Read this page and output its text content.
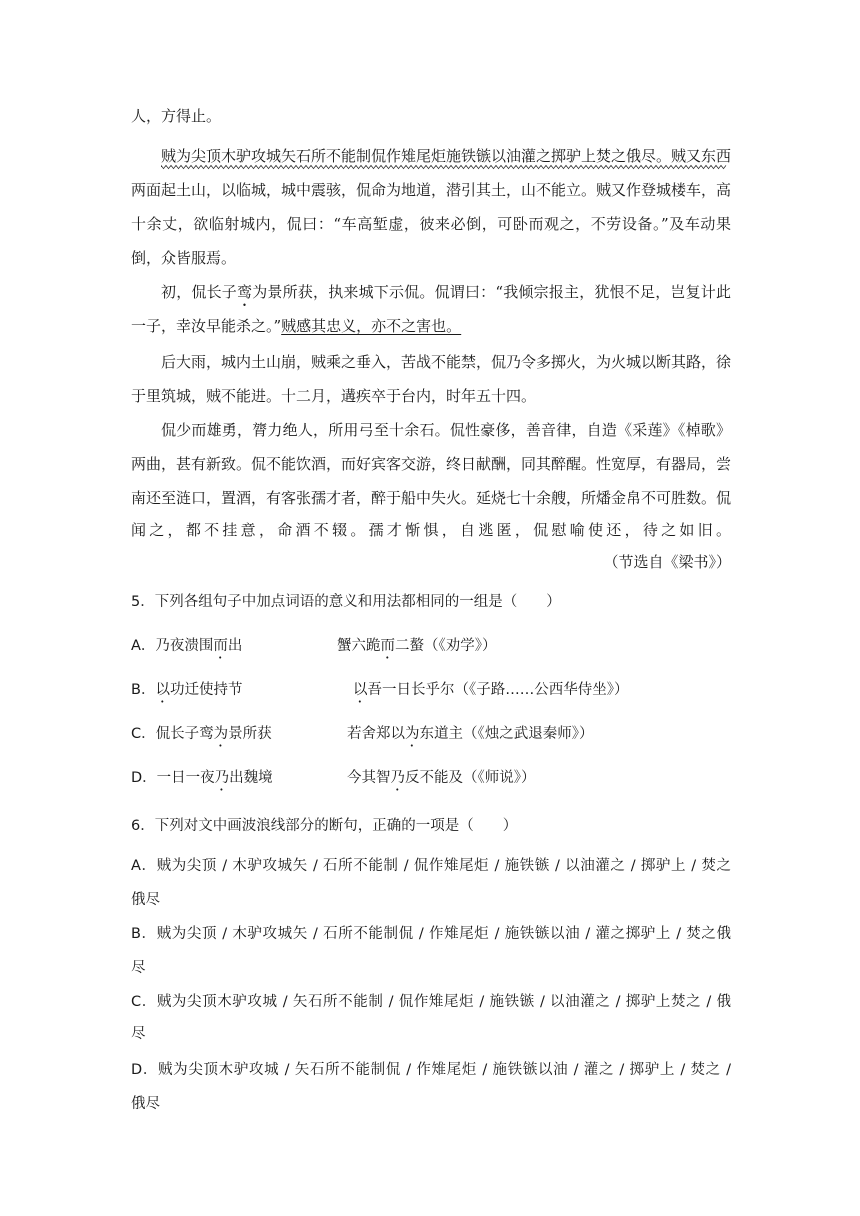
人，方得止。
贼为尖顶木驴攻城矢石所不能制侃作雉尾炬施铁镞以油灌之掷驴上焚之俄尽。贼又东西
两面起土山，以临城，城中震骇，侃命为地道，潜引其土，山不能立。贼又作登城楼车，高
十余丈，欲临射城内，侃曰：“车高堑虚，彼来必倒，可卧而观之，不劳设备。”及车动果
倒，众皆服焉。
初，侃长子鸾为景所获，执来城下示侃。侃谓曰：“我倾宗报主，犹恨不足，岂复计此
一子，幸汝早能杀之。”贼感其忠义，亦不之害也。
后大雨，城内土山崩，贼乘之垂入，苦战不能禁，侃乃令多掷火，为火城以断其路，徐
于里筑城，贼不能进。十二月，遘疾卒于台内，时年五十四。
侃少而雄勇，膂力绝人，所用弓至十余石。侃性豪侈，善音律，自造《采莲》《棹歌》
两曲，甚有新致。侃不能饮酒，而好宾客交游，终日献酬，同其醉醒。性宽厚，有器局，尝
南还至涟口，置酒，有客张孺才者，醉于船中失火。延烧七十余艘，所燔金帛不可胜数。侃
闻之，都不挂意，命酒不辍。孺才惭惧，自逃匿，侃慰喻使还，待之如旧。
（节选自《梁书》）
5．下列各组句子中加点词语的意义和用法都相同的一组是（　　）
A．乃夜溃围而出	蟹六跪而二螯（《劝学》）
B．以功迁使持节	以吾一日长乎尔（《子路……公西华侍坐》）
C．侃长子鸾为景所获	若舍郑以为东道主（《烛之武退秦师》）
D．一日一夜乃出魏境	今其智乃反不能及（《师说》）
6．下列对文中画波浪线部分的断句，正确的一项是（　　）
A．贼为尖顶 / 木驴攻城矢 / 石所不能制 / 侃作雉尾炬 / 施铁镞 / 以油灌之 / 掷驴上 / 焚之
俄尽
B．贼为尖顶 / 木驴攻城矢 / 石所不能制侃 / 作雉尾炬 / 施铁镞以油 / 灌之掷驴上 / 焚之俄
尽
C．贼为尖顶木驴攻城 / 矢石所不能制 / 侃作雉尾炬 / 施铁镞 / 以油灌之 / 掷驴上焚之 / 俄
尽
D．贼为尖顶木驴攻城 / 矢石所不能制侃 / 作雉尾炬 / 施铁镞以油 / 灌之 / 掷驴上 / 焚之 /
俄尽
